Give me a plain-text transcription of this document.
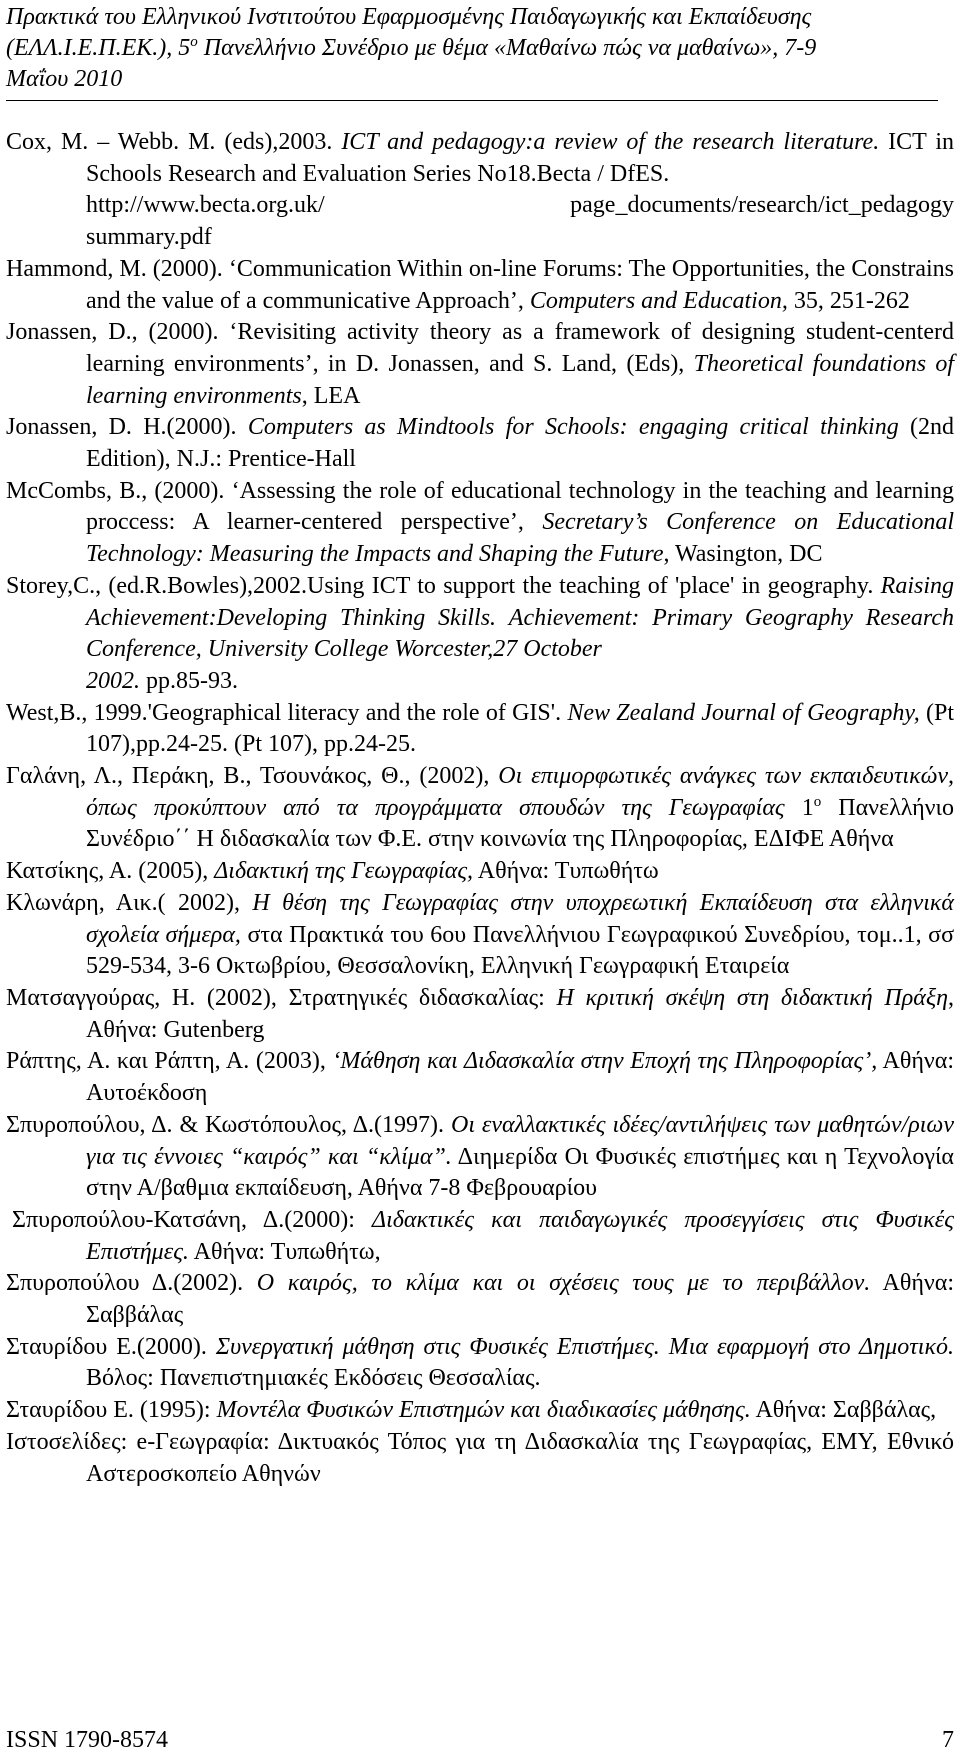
Πρακτικά του Ελληνικού Ινστιτούτου Εφαρμοσμένης Παιδαγωγικής και Εκπαίδευσης
(ΕΛΛ.Ι.Ε.Π.ΕΚ.), $5^o$ Πανελλήνιο Συνέδριο με θέμα «Μαθαίνω πώς να μαθαίνω», 7-9
Μαΐου 2010
Cox, M. – Webb. M. (eds),2003. ICT and pedagogy:a review of the research literature. ICT in Schools Research and Evaluation Series No18.Becta / DfES.
http://www.becta.org.uk/ page_documents/research/ict_pedagogy
summary.pdf
Hammond, M. (2000). ‘Communication Within on-line Forums: The Opportunities, the Constrains and the value of a communicative Approach’, Computers and Education, 35, 251-262
Jonassen, D., (2000). ‘Revisiting activity theory as a framework of designing student-centerd learning environments’, in D. Jonassen, and S. Land, (Eds), Theoretical foundations of learning environments, LEA
Jonassen, D. H.(2000). Computers as Mindtools for Schools: engaging critical thinking (2nd Edition), N.J.: Prentice-Hall
McCombs, B., (2000). ‘Assessing the role of educational technology in the teaching and learning proccess: A learner-centered perspective’, Secretary’s Conference on Educational Technology: Measuring the Impacts and Shaping the Future, Wasington, DC
Storey,C., (ed.R.Bowles),2002.Using ICT to support the teaching of 'place' in geography. Raising Achievement:Developing Thinking Skills. Achievement: Primary Geography Research Conference, University College Worcester,27 October
2002. pp.85-93.
West,B., 1999.'Geographical literacy and the role of GIS'. New Zealand Journal of Geography, (Pt 107),pp.24-25. (Pt 107), pp.24-25.
Γαλάνη, Λ., Περάκη, Β., Τσουνάκος, Θ., (2002), Οι επιμορφωτικές ανάγκες των εκπαιδευτικών, όπως προκύπτουν από τα προγράμματα σπουδών της Γεωγραφίας $1^o$ Πανελλήνιο Συνέδριο΄΄ Η διδασκαλία των Φ.Ε. στην κοινωνία της Πληροφορίας, ΕΔΙΦΕ Αθήνα
Κατσίκης, Α. (2005), Διδακτική της Γεωγραφίας, Αθήνα: Τυπωθήτω
Κλωνάρη, Αικ.( 2002), Η θέση της Γεωγραφίας στην υποχρεωτική Εκπαίδευση στα ελληνικά σχολεία σήμερα, στα Πρακτικά του 6ου Πανελλήνιου Γεωγραφικού Συνεδρίου, τομ..1, σσ 529-534, 3-6 Οκτωβρίου, Θεσσαλονίκη, Ελληνική Γεωγραφική Εταιρεία
Ματσαγγούρας, Η. (2002), Στρατηγικές διδασκαλίας: Η κριτική σκέψη στη διδακτική Πράξη, Αθήνα: Gutenberg
Ράπτης, Α. και Ράπτη, Α. (2003), ‘Μάθηση και Διδασκαλία στην Εποχή της Πληροφορίας’, Αθήνα: Αυτοέκδοση
Σπυροπούλου, Δ. & Κωστόπουλος, Δ.(1997). Οι εναλλακτικές ιδέες/αντιλήψεις των μαθητών/ριων για τις έννοιες “καιρός” και “κλίμα”. Διημερίδα Οι Φυσικές επιστήμες και η Τεχνολογία στην Α/βαθμια εκπαίδευση, Αθήνα 7-8 Φεβρουαρίου
Σπυροπούλου-Κατσάνη, Δ.(2000): Διδακτικές και παιδαγωγικές προσεγγίσεις στις Φυσικές Επιστήμες. Αθήνα: Τυπωθήτω,
Σπυροπούλου Δ.(2002). Ο καιρός, το κλίμα και οι σχέσεις τους με το περιβάλλον. Αθήνα: Σαββάλας
Σταυρίδου Ε.(2000). Συνεργατική μάθηση στις Φυσικές Επιστήμες. Μια εφαρμογή στο Δημοτικό. Βόλος: Πανεπιστημιακές Εκδόσεις Θεσσαλίας.
Σταυρίδου Ε. (1995): Μοντέλα Φυσικών Επιστημών και διαδικασίες μάθησης. Αθήνα: Σαββάλας,
Ιστοσελίδες: e-Γεωγραφία: Δικτυακός Τόπος για τη Διδασκαλία της Γεωγραφίας, ΕΜΥ, Εθνικό Αστεροσκοπείο Αθηνών
ISSN 1790-8574	7
